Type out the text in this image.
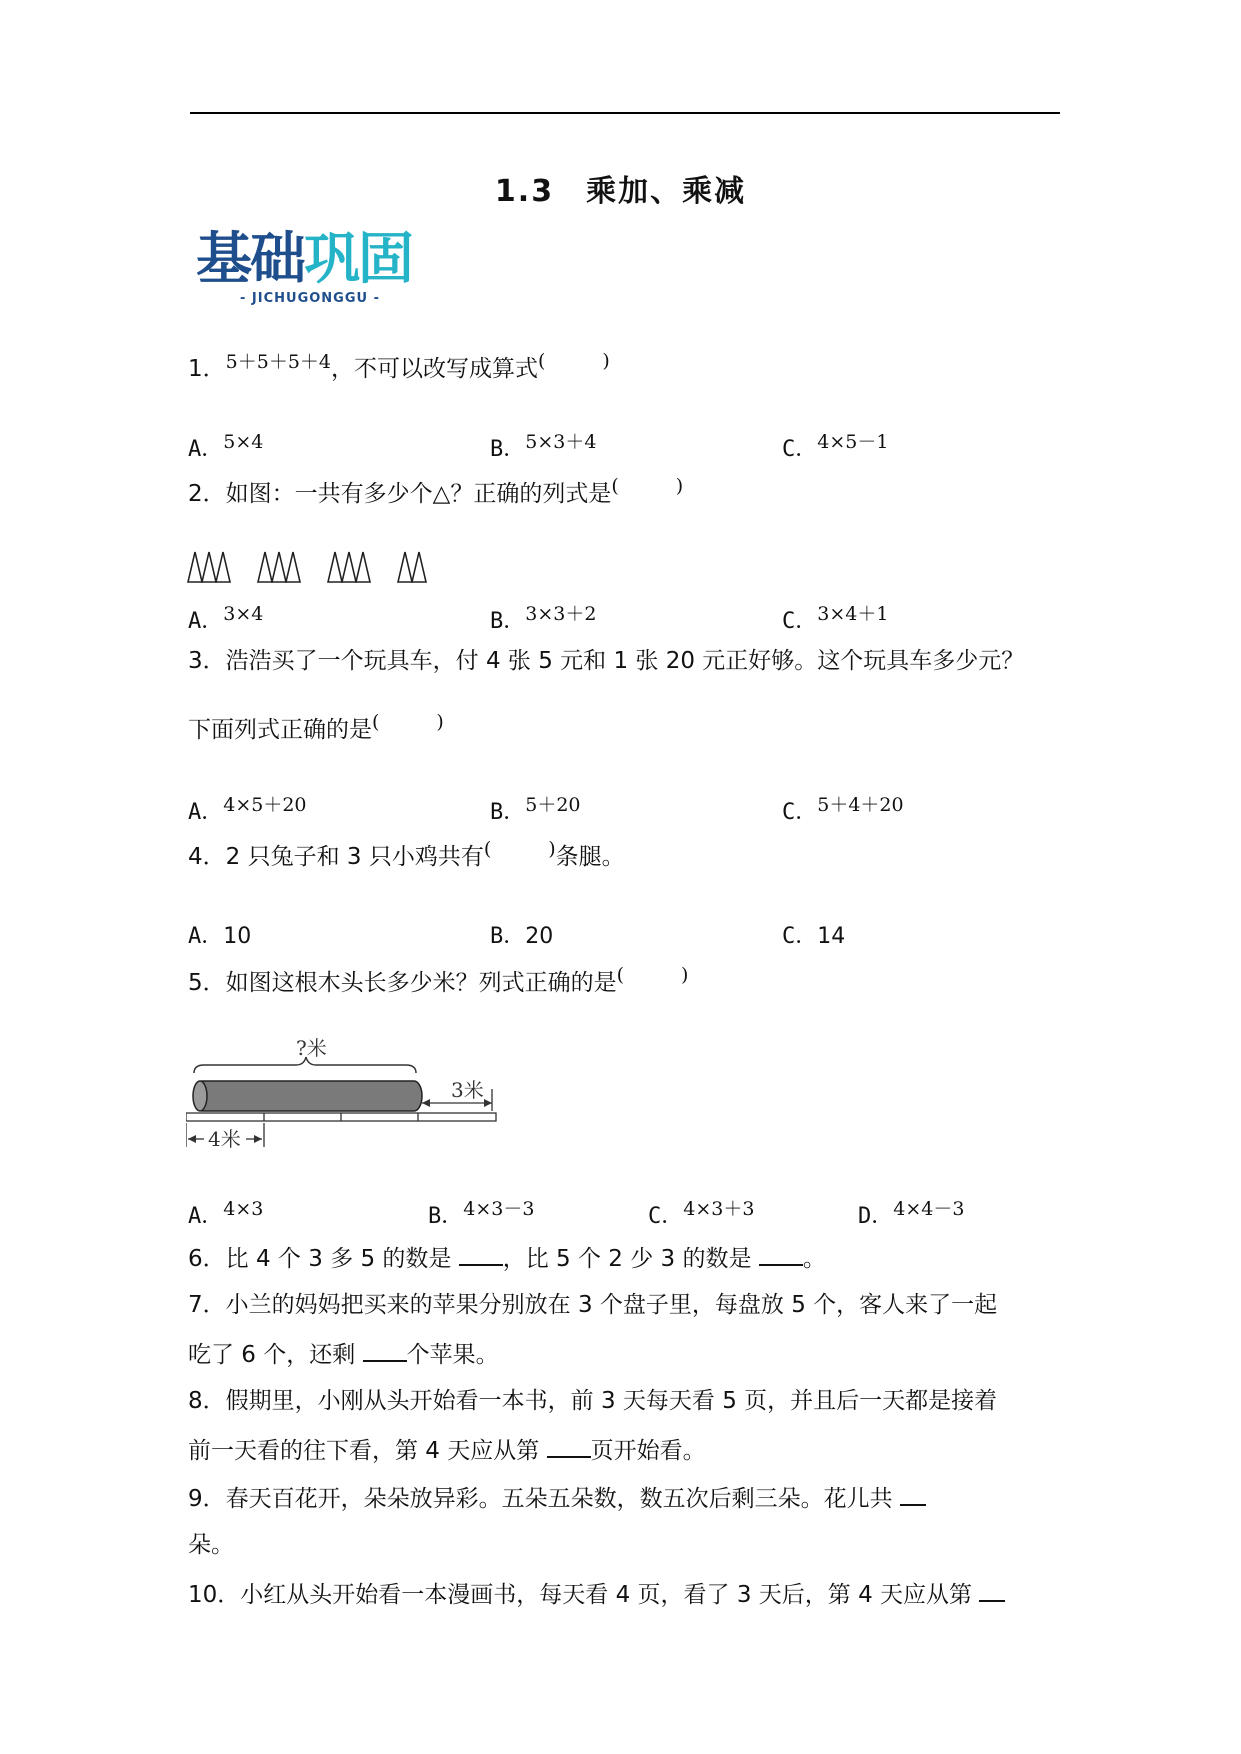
1.3　乘加、乘减
基础巩固
- JICHUGONGGU -
1．$^{5+5+5+4}$，不可以改写成算式(　　　)
A．5×4	B．5×3＋4	C．4×5－1
2．如图：一共有多少个△？正确的列式是(　　　)
A．3×4	B．3×3＋2	C．3×4＋1
3．浩浩买了一个玩具车，付 4 张 5 元和 1 张 20 元正好够。这个玩具车多少元？
下面列式正确的是(　　　)
A．4×5＋20	B．5＋20	C．5＋4＋20
4．2 只兔子和 3 只小鸡共有(　　　)条腿。
A．10	B．20	C．14
5．如图这根木头长多少米？列式正确的是(　　　)
?米
3米
4米
A．4×3	B．4×3－3	C．4×3＋3	D．4×4－3
6．比 4 个 3 多 5 的数是 ，比 5 个 2 少 3 的数是 。
7．小兰的妈妈把买来的苹果分别放在 3 个盘子里，每盘放 5 个，客人来了一起
吃了 6 个，还剩 个苹果。
8．假期里，小刚从头开始看一本书，前 3 天每天看 5 页，并且后一天都是接着
前一天看的往下看，第 4 天应从第 页开始看。
9．春天百花开，朵朵放异彩。五朵五朵数，数五次后剩三朵。花儿共
朵。
10．小红从头开始看一本漫画书，每天看 4 页，看了 3 天后，第 4 天应从第
